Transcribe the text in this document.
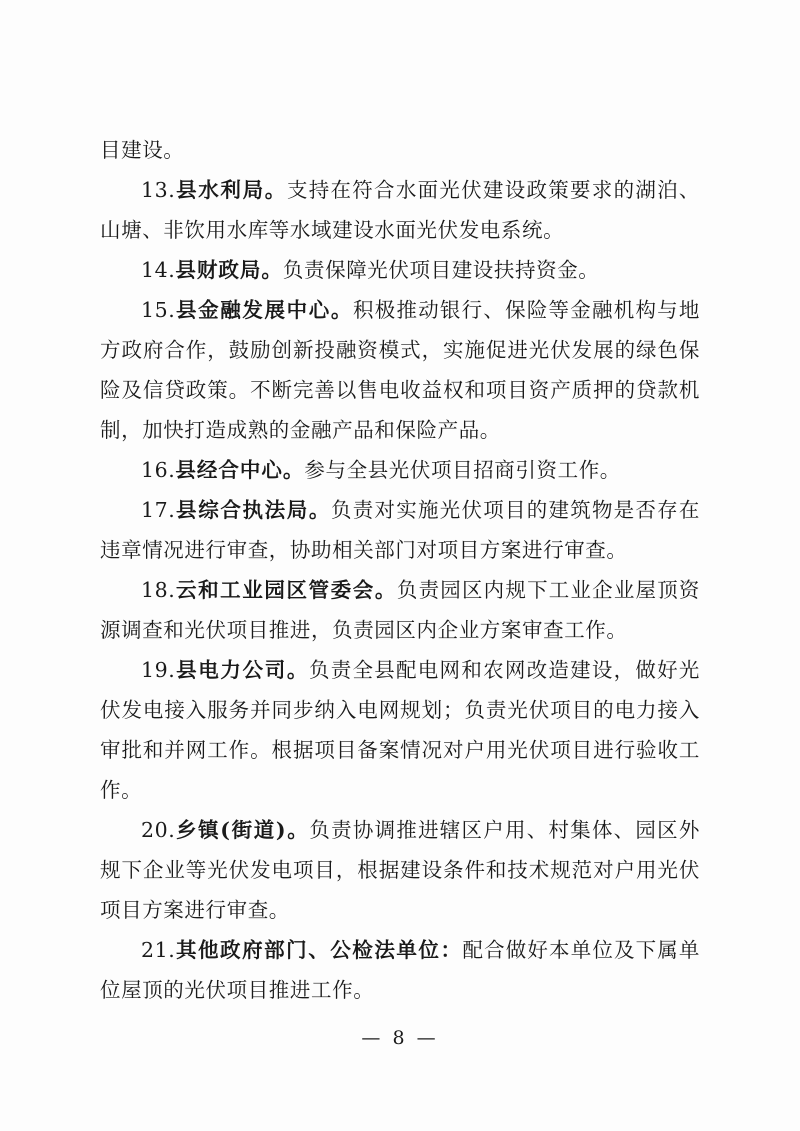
目建设。

13.县水利局。支持在符合水面光伏建设政策要求的湖泊、山塘、非饮用水库等水域建设水面光伏发电系统。

14.县财政局。负责保障光伏项目建设扶持资金。

15.县金融发展中心。积极推动银行、保险等金融机构与地方政府合作，鼓励创新投融资模式，实施促进光伏发展的绿色保险及信贷政策。不断完善以售电收益权和项目资产质押的贷款机制，加快打造成熟的金融产品和保险产品。

16.县经合中心。参与全县光伏项目招商引资工作。

17.县综合执法局。负责对实施光伏项目的建筑物是否存在违章情况进行审查，协助相关部门对项目方案进行审查。

18.云和工业园区管委会。负责园区内规下工业企业屋顶资源调查和光伏项目推进，负责园区内企业方案审查工作。

19.县电力公司。负责全县配电网和农网改造建设，做好光伏发电接入服务并同步纳入电网规划；负责光伏项目的电力接入审批和并网工作。根据项目备案情况对户用光伏项目进行验收工作。

20.乡镇(街道)。负责协调推进辖区户用、村集体、园区外规下企业等光伏发电项目，根据建设条件和技术规范对户用光伏项目方案进行审查。

21.其他政府部门、公检法单位：配合做好本单位及下属单位屋顶的光伏项目推进工作。

— 8 —
